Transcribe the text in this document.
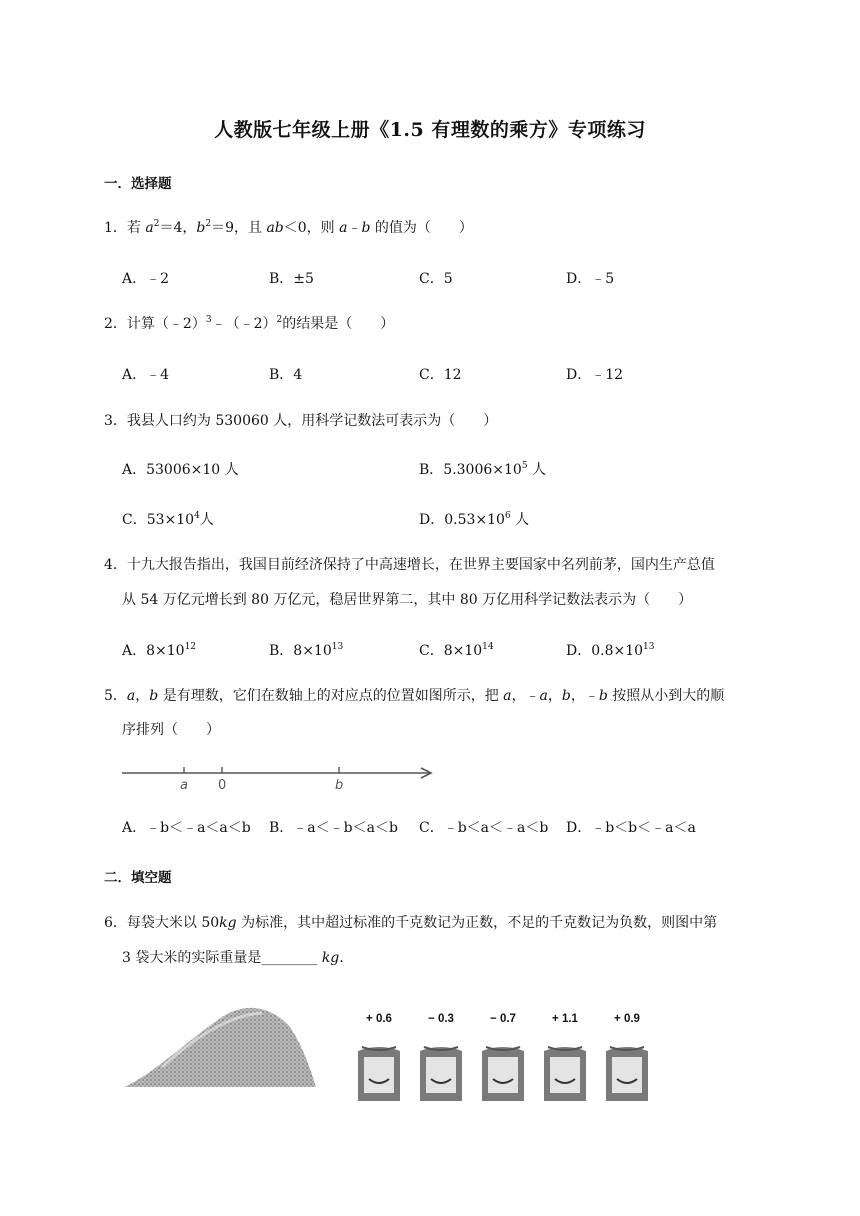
人教版七年级上册《1.5 有理数的乘方》专项练习
一．选择题
1．若 $a^2=4$，$b^2=9$，且 ab＜0，则 a﹣b 的值为（　　）
A．﹣2	B．±5	C．5	D．﹣5
2．计算（﹣2）$^3$﹣（﹣2）$^2$的结果是（　　）
A．﹣4	B．4	C．12	D．﹣12
3．我县人口约为 530060 人，用科学记数法可表示为（　　）
A．53006×10 人	B．$5.3006\times 10^5$ 人
C．$53\times 10^4$人	D．$0.53\times 10^6$ 人
4．十九大报告指出，我国目前经济保持了中高速增长，在世界主要国家中名列前茅，国内生产总值
从 54 万亿元增长到 80 万亿元，稳居世界第二，其中 80 万亿用科学记数法表示为（　　）
A．$8\times 10^{12}$	B．$8\times 10^{13}$	C．$8\times 10^{14}$	D．$0.8\times 10^{13}$
5．a，b 是有理数，它们在数轴上的对应点的位置如图所示，把 a，﹣a，b，﹣b 按照从小到大的顺
序排列（　　）
a 0	b
A．﹣b＜﹣a＜a＜b B．﹣a＜﹣b＜a＜b C．﹣b＜a＜﹣a＜b D．﹣b＜b＜﹣a＜a
二．填空题
6．每袋大米以 50kg 为标准，其中超过标准的千克数记为正数，不足的千克数记为负数，则图中第
3 袋大米的实际重量是________ kg.
+ 0.6	− 0.3	− 0.7	+ 1.1	+ 0.9
